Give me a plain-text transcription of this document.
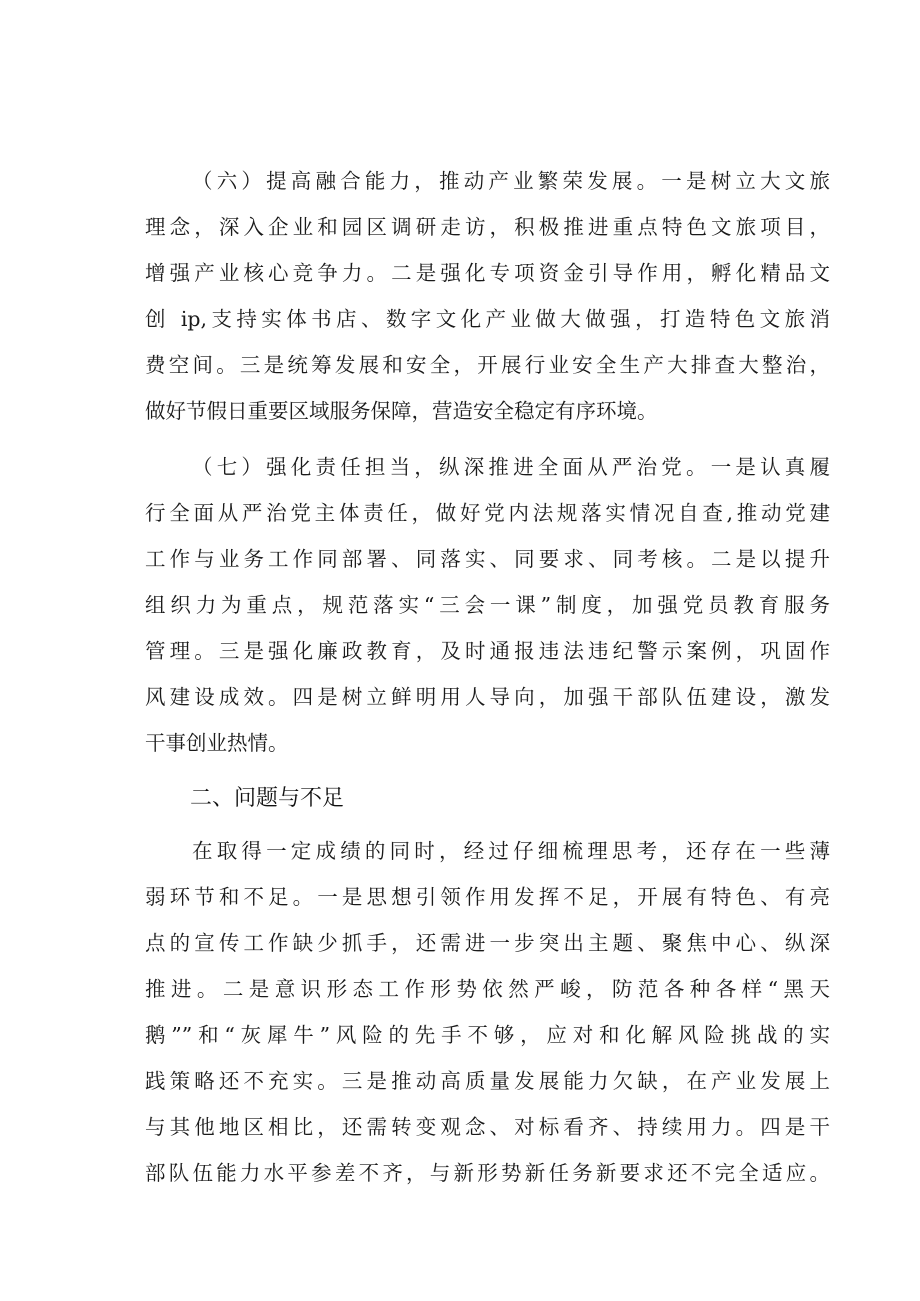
（六）提高融合能力，推动产业繁荣发展。一是树立大文旅
理念，深入企业和园区调研走访，积极推进重点特色文旅项目，
增强产业核心竞争力。二是强化专项资金引导作用，孵化精品文
创 ip,支持实体书店、数字文化产业做大做强，打造特色文旅消
费空间。三是统筹发展和安全，开展行业安全生产大排查大整治，
做好节假日重要区域服务保障，营造安全稳定有序环境。
（七）强化责任担当，纵深推进全面从严治党。一是认真履
行全面从严治党主体责任，做好党内法规落实情况自查,推动党建
工作与业务工作同部署、同落实、同要求、同考核。二是以提升
组织力为重点，规范落实“三会一课”制度，加强党员教育服务
管理。三是强化廉政教育，及时通报违法违纪警示案例，巩固作
风建设成效。四是树立鲜明用人导向，加强干部队伍建设，激发
干事创业热情。
二、问题与不足
在取得一定成绩的同时，经过仔细梳理思考，还存在一些薄
弱环节和不足。一是思想引领作用发挥不足，开展有特色、有亮
点的宣传工作缺少抓手，还需进一步突出主题、聚焦中心、纵深
推进。二是意识形态工作形势依然严峻，防范各种各样“黑天
鹅””和“灰犀牛”风险的先手不够，应对和化解风险挑战的实
践策略还不充实。三是推动高质量发展能力欠缺，在产业发展上
与其他地区相比，还需转变观念、对标看齐、持续用力。四是干
部队伍能力水平参差不齐，与新形势新任务新要求还不完全适应。
